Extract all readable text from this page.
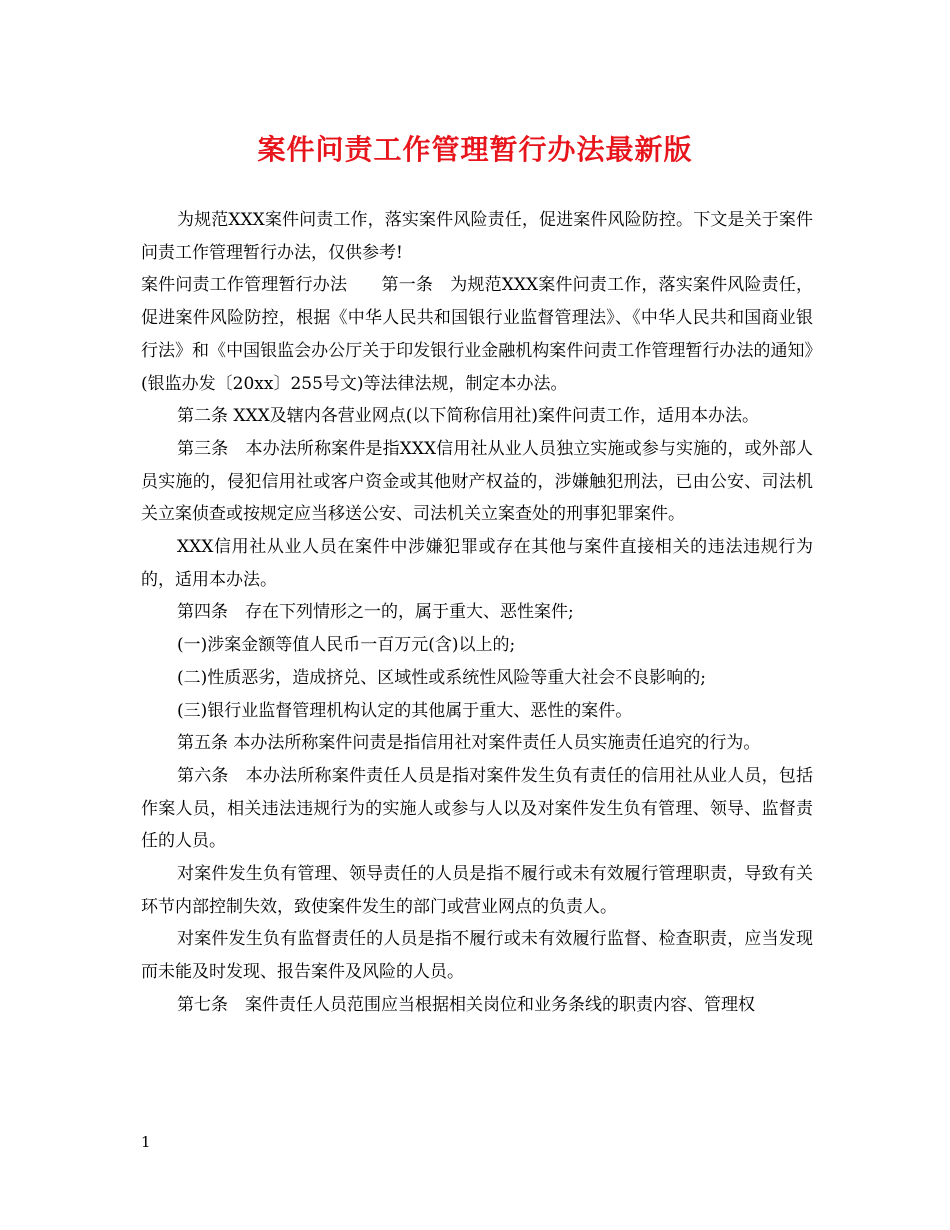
案件问责工作管理暂行办法最新版

为规范XXX案件问责工作，落实案件风险责任，促进案件风险防控。下文是关于案件问责工作管理暂行办法，仅供参考!

案件问责工作管理暂行办法　　第一条　为规范XXX案件问责工作，落实案件风险责任，促进案件风险防控，根据《中华人民共和国银行业监督管理法》、《中华人民共和国商业银行法》和《中国银监会办公厅关于印发银行业金融机构案件问责工作管理暂行办法的通知》(银监办发〔20xx〕255号文)等法律法规，制定本办法。

第二条 XXX及辖内各营业网点(以下简称信用社)案件问责工作，适用本办法。

第三条　本办法所称案件是指XXX信用社从业人员独立实施或参与实施的，或外部人员实施的，侵犯信用社或客户资金或其他财产权益的，涉嫌触犯刑法，已由公安、司法机关立案侦查或按规定应当移送公安、司法机关立案查处的刑事犯罪案件。

XXX信用社从业人员在案件中涉嫌犯罪或存在其他与案件直接相关的违法违规行为的，适用本办法。

第四条　存在下列情形之一的，属于重大、恶性案件;

(一)涉案金额等值人民币一百万元(含)以上的;

(二)性质恶劣，造成挤兑、区域性或系统性风险等重大社会不良影响的;

(三)银行业监督管理机构认定的其他属于重大、恶性的案件。

第五条 本办法所称案件问责是指信用社对案件责任人员实施责任追究的行为。

第六条　本办法所称案件责任人员是指对案件发生负有责任的信用社从业人员，包括作案人员，相关违法违规行为的实施人或参与人以及对案件发生负有管理、领导、监督责任的人员。

对案件发生负有管理、领导责任的人员是指不履行或未有效履行管理职责，导致有关环节内部控制失效，致使案件发生的部门或营业网点的负责人。

对案件发生负有监督责任的人员是指不履行或未有效履行监督、检查职责，应当发现而未能及时发现、报告案件及风险的人员。

第七条　案件责任人员范围应当根据相关岗位和业务条线的职责内容、管理权

1
